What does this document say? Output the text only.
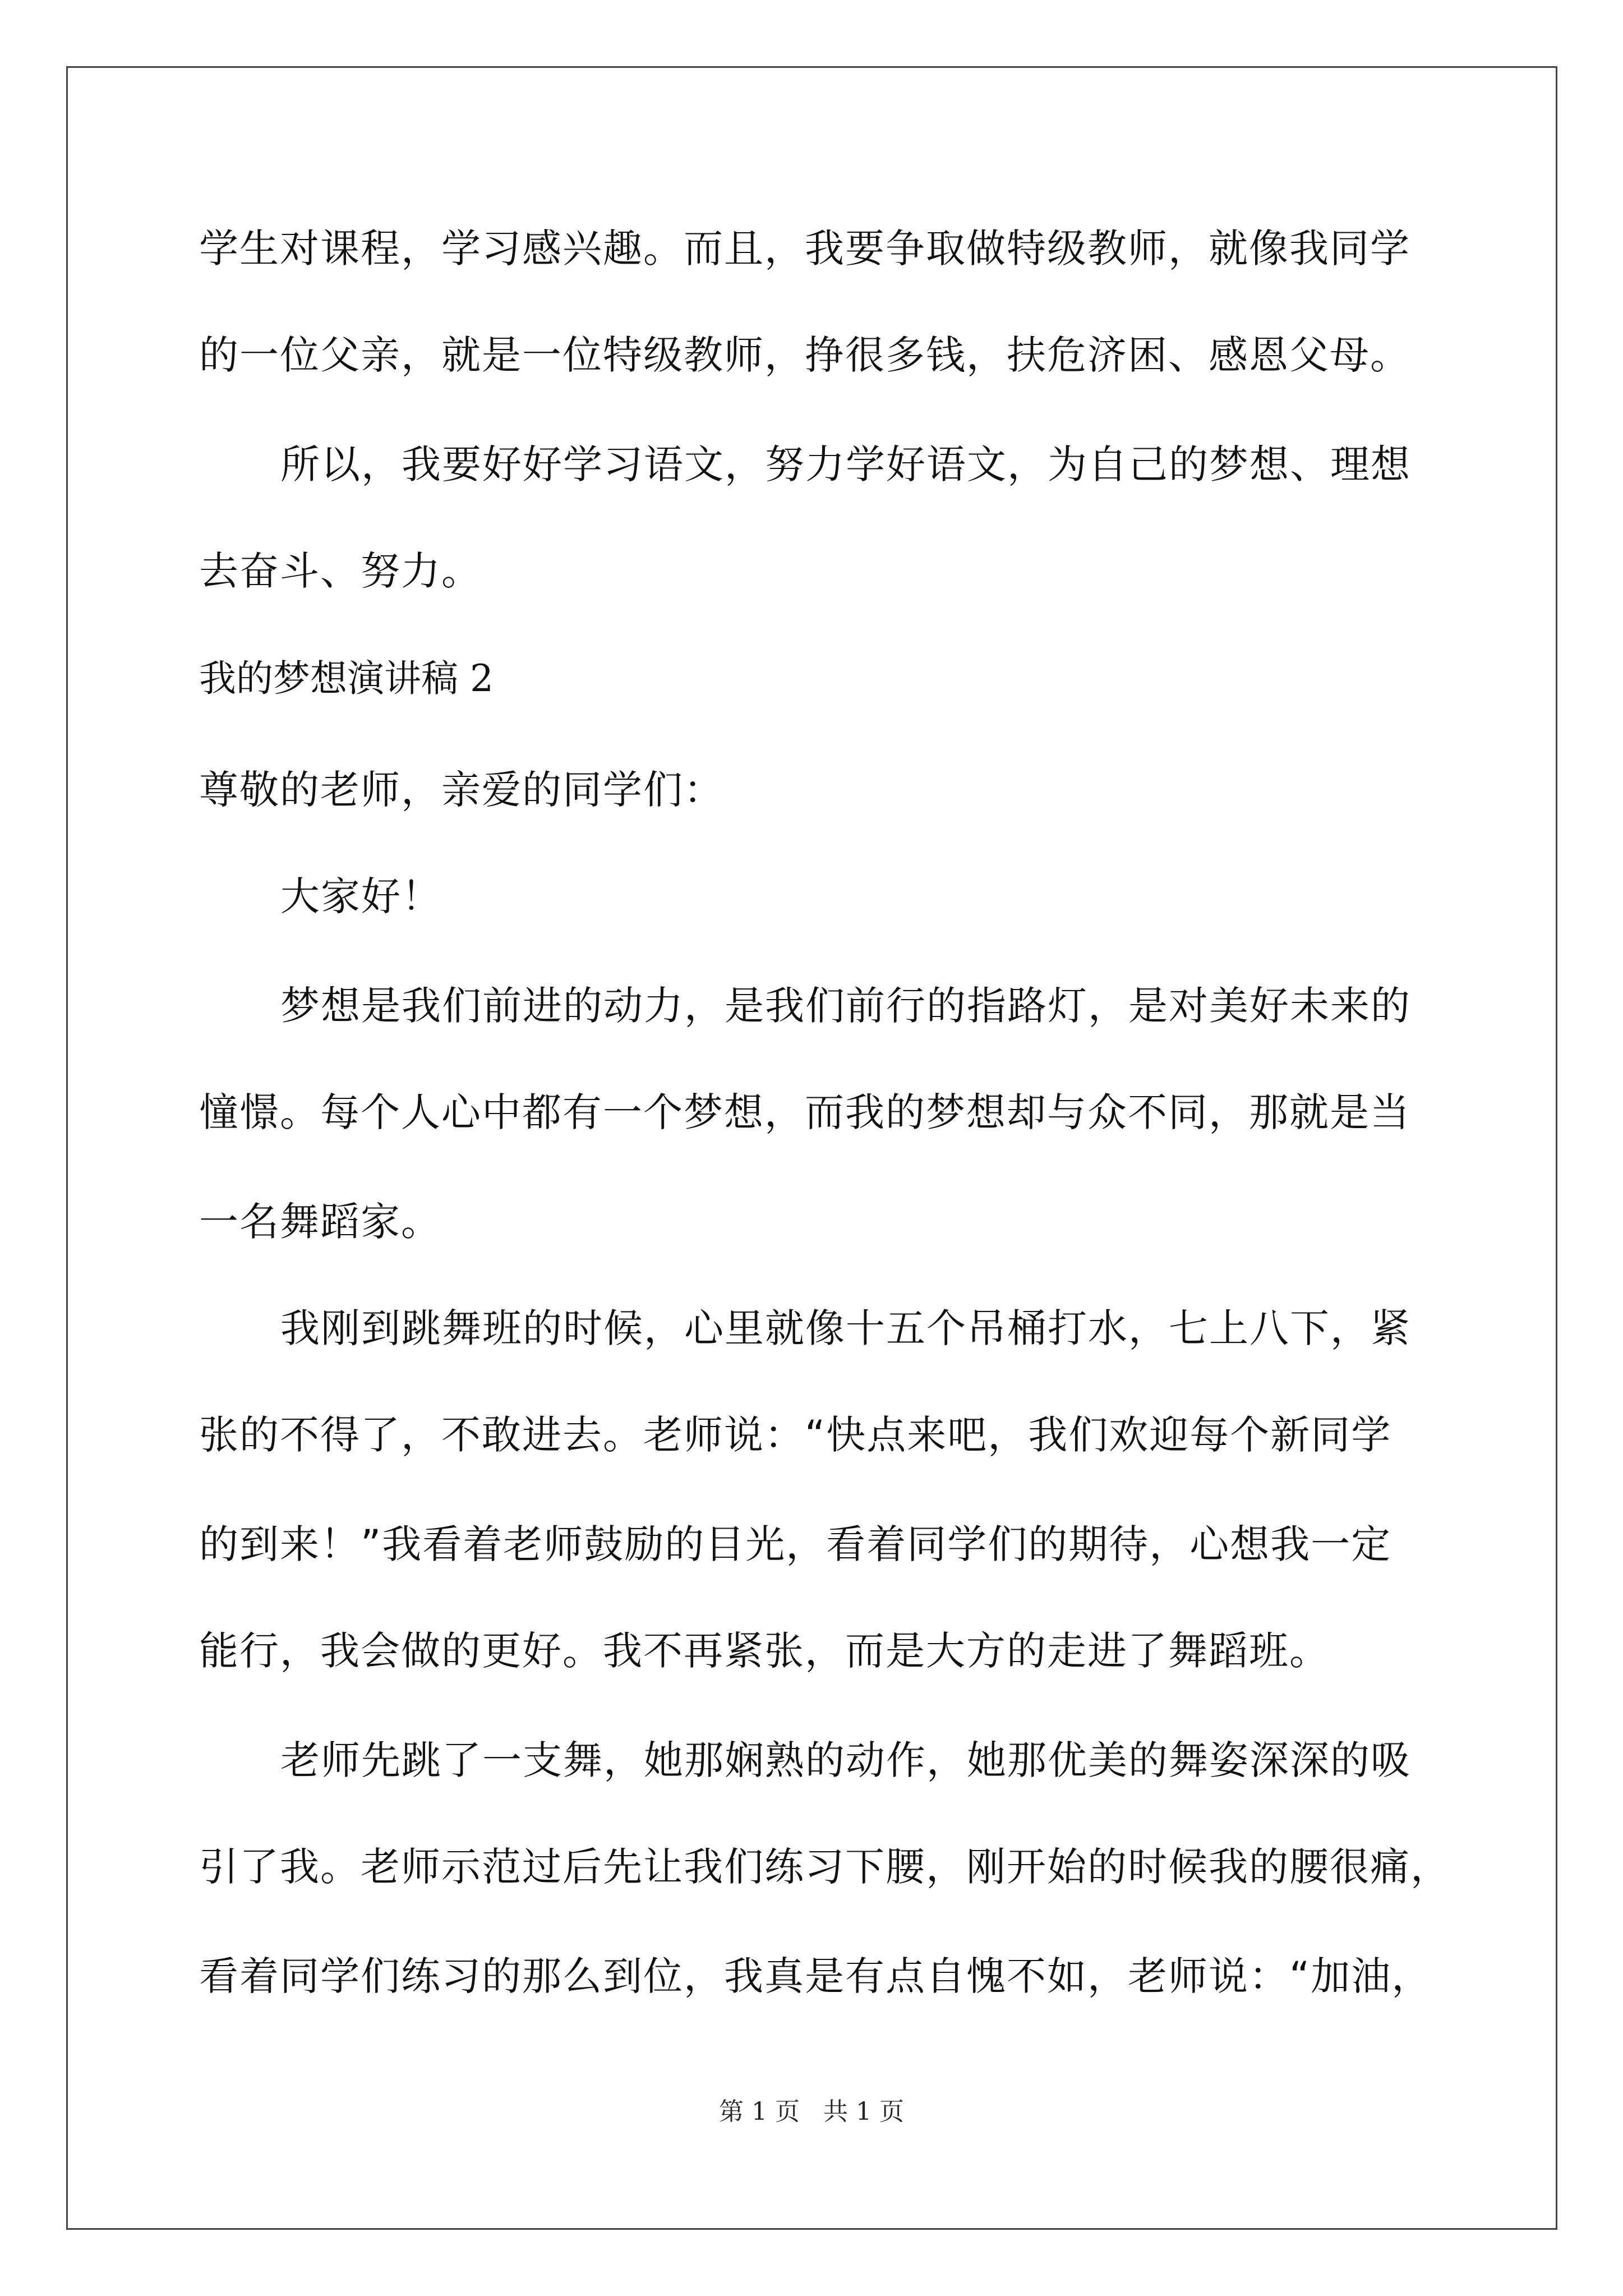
学生对课程，学习感兴趣。而且，我要争取做特级教师，就像我同学
的一位父亲，就是一位特级教师，挣很多钱，扶危济困、感恩父母。
所以，我要好好学习语文，努力学好语文，为自己的梦想、理想
去奋斗、努力。
我的梦想演讲稿 2
尊敬的老师，亲爱的同学们：
大家好！
梦想是我们前进的动力，是我们前行的指路灯，是对美好未来的
憧憬。每个人心中都有一个梦想，而我的梦想却与众不同，那就是当
一名舞蹈家。
我刚到跳舞班的时候，心里就像十五个吊桶打水，七上八下，紧
张的不得了，不敢进去。老师说：“快点来吧，我们欢迎每个新同学
的到来！”我看着老师鼓励的目光，看着同学们的期待，心想我一定
能行，我会做的更好。我不再紧张，而是大方的走进了舞蹈班。
老师先跳了一支舞，她那娴熟的动作，她那优美的舞姿深深的吸
引了我。老师示范过后先让我们练习下腰，刚开始的时候我的腰很痛，
看着同学们练习的那么到位，我真是有点自愧不如，老师说：“加油，
第 1 页   共 1 页
